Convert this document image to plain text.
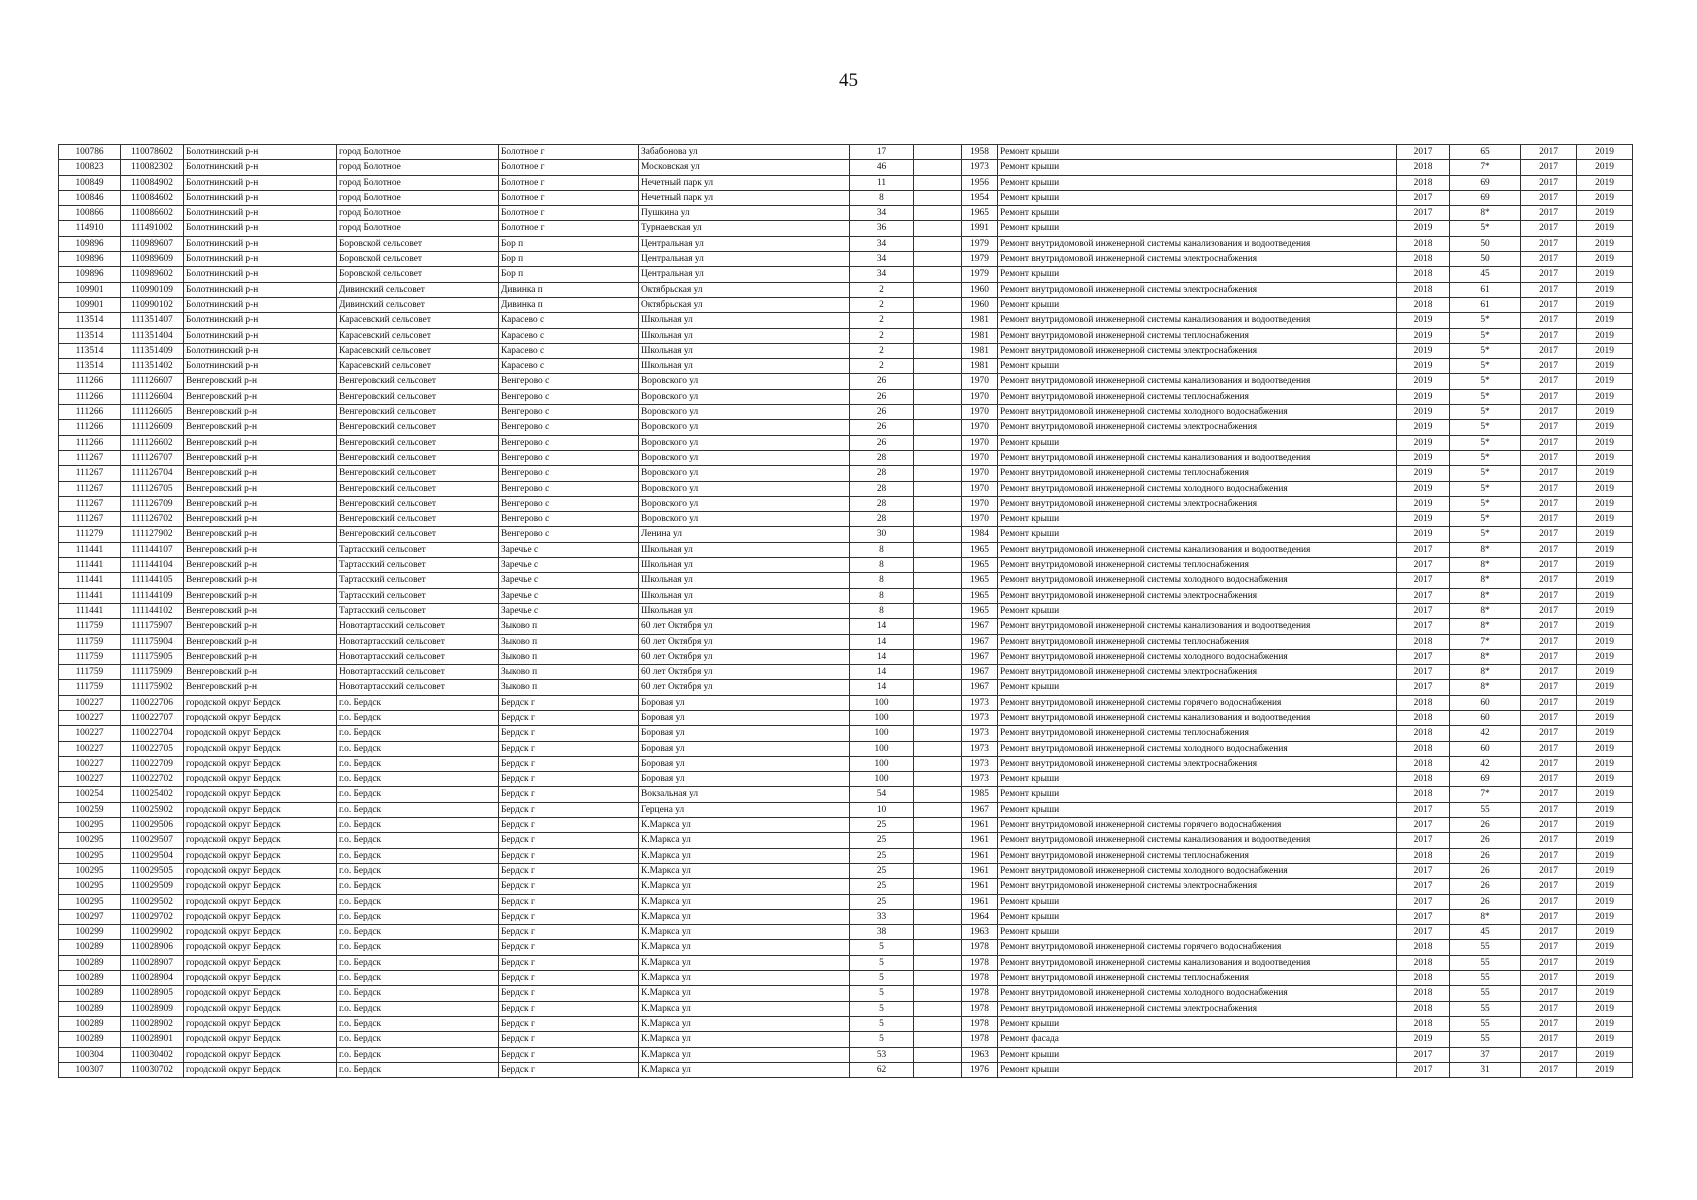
45
100786	110078602	Болотнинский р-н	город Болотное	Болотное г	Забабонова ул	17		1958	Ремонт крыши	2017	65	2017	2019
100823	110082302	Болотнинский р-н	город Болотное	Болотное г	Московская ул	46		1973	Ремонт крыши	2018	7*	2017	2019
100849	110084902	Болотнинский р-н	город Болотное	Болотное г	Нечетный парк ул	11		1956	Ремонт крыши	2018	69	2017	2019
100846	110084602	Болотнинский р-н	город Болотное	Болотное г	Нечетный парк ул	8		1954	Ремонт крыши	2017	69	2017	2019
100866	110086602	Болотнинский р-н	город Болотное	Болотное г	Пушкина ул	34		1965	Ремонт крыши	2017	8*	2017	2019
114910	111491002	Болотнинский р-н	город Болотное	Болотное г	Турнаевская ул	36		1991	Ремонт крыши	2019	5*	2017	2019
109896	110989607	Болотнинский р-н	Боровской сельсовет	Бор п	Центральная ул	34		1979	Ремонт внутридомовой инженерной системы канализования и водоотведения	2018	50	2017	2019
109896	110989609	Болотнинский р-н	Боровской сельсовет	Бор п	Центральная ул	34		1979	Ремонт внутридомовой инженерной системы электроснабжения	2018	50	2017	2019
109896	110989602	Болотнинский р-н	Боровской сельсовет	Бор п	Центральная ул	34		1979	Ремонт крыши	2018	45	2017	2019
109901	110990109	Болотнинский р-н	Дивинский сельсовет	Дивинка п	Октябрьская ул	2		1960	Ремонт внутридомовой инженерной системы электроснабжения	2018	61	2017	2019
109901	110990102	Болотнинский р-н	Дивинский сельсовет	Дивинка п	Октябрьская ул	2		1960	Ремонт крыши	2018	61	2017	2019
113514	111351407	Болотнинский р-н	Карасевский сельсовет	Карасево с	Школьная ул	2		1981	Ремонт внутридомовой инженерной системы канализования и водоотведения	2019	5*	2017	2019
113514	111351404	Болотнинский р-н	Карасевский сельсовет	Карасево с	Школьная ул	2		1981	Ремонт внутридомовой инженерной системы теплоснабжения	2019	5*	2017	2019
113514	111351409	Болотнинский р-н	Карасевский сельсовет	Карасево с	Школьная ул	2		1981	Ремонт внутридомовой инженерной системы электроснабжения	2019	5*	2017	2019
113514	111351402	Болотнинский р-н	Карасевский сельсовет	Карасево с	Школьная ул	2		1981	Ремонт крыши	2019	5*	2017	2019
111266	111126607	Венгеровский р-н	Венгеровский сельсовет	Венгерово с	Воровского ул	26		1970	Ремонт внутридомовой инженерной системы канализования и водоотведения	2019	5*	2017	2019
111266	111126604	Венгеровский р-н	Венгеровский сельсовет	Венгерово с	Воровского ул	26		1970	Ремонт внутридомовой инженерной системы теплоснабжения	2019	5*	2017	2019
111266	111126605	Венгеровский р-н	Венгеровский сельсовет	Венгерово с	Воровского ул	26		1970	Ремонт внутридомовой инженерной системы холодного водоснабжения	2019	5*	2017	2019
111266	111126609	Венгеровский р-н	Венгеровский сельсовет	Венгерово с	Воровского ул	26		1970	Ремонт внутридомовой инженерной системы электроснабжения	2019	5*	2017	2019
111266	111126602	Венгеровский р-н	Венгеровский сельсовет	Венгерово с	Воровского ул	26		1970	Ремонт крыши	2019	5*	2017	2019
111267	111126707	Венгеровский р-н	Венгеровский сельсовет	Венгерово с	Воровского ул	28		1970	Ремонт внутридомовой инженерной системы канализования и водоотведения	2019	5*	2017	2019
111267	111126704	Венгеровский р-н	Венгеровский сельсовет	Венгерово с	Воровского ул	28		1970	Ремонт внутридомовой инженерной системы теплоснабжения	2019	5*	2017	2019
111267	111126705	Венгеровский р-н	Венгеровский сельсовет	Венгерово с	Воровского ул	28		1970	Ремонт внутридомовой инженерной системы холодного водоснабжения	2019	5*	2017	2019
111267	111126709	Венгеровский р-н	Венгеровский сельсовет	Венгерово с	Воровского ул	28		1970	Ремонт внутридомовой инженерной системы электроснабжения	2019	5*	2017	2019
111267	111126702	Венгеровский р-н	Венгеровский сельсовет	Венгерово с	Воровского ул	28		1970	Ремонт крыши	2019	5*	2017	2019
111279	111127902	Венгеровский р-н	Венгеровский сельсовет	Венгерово с	Ленина ул	30		1984	Ремонт крыши	2019	5*	2017	2019
111441	111144107	Венгеровский р-н	Тартасский сельсовет	Заречье с	Школьная ул	8		1965	Ремонт внутридомовой инженерной системы канализования и водоотведения	2017	8*	2017	2019
111441	111144104	Венгеровский р-н	Тартасский сельсовет	Заречье с	Школьная ул	8		1965	Ремонт внутридомовой инженерной системы теплоснабжения	2017	8*	2017	2019
111441	111144105	Венгеровский р-н	Тартасский сельсовет	Заречье с	Школьная ул	8		1965	Ремонт внутридомовой инженерной системы холодного водоснабжения	2017	8*	2017	2019
111441	111144109	Венгеровский р-н	Тартасский сельсовет	Заречье с	Школьная ул	8		1965	Ремонт внутридомовой инженерной системы электроснабжения	2017	8*	2017	2019
111441	111144102	Венгеровский р-н	Тартасский сельсовет	Заречье с	Школьная ул	8		1965	Ремонт крыши	2017	8*	2017	2019
111759	111175907	Венгеровский р-н	Новотартасский сельсовет	Зыково п	60 лет Октября ул	14		1967	Ремонт внутридомовой инженерной системы канализования и водоотведения	2017	8*	2017	2019
111759	111175904	Венгеровский р-н	Новотартасский сельсовет	Зыково п	60 лет Октября ул	14		1967	Ремонт внутридомовой инженерной системы теплоснабжения	2018	7*	2017	2019
111759	111175905	Венгеровский р-н	Новотартасский сельсовет	Зыково п	60 лет Октября ул	14		1967	Ремонт внутридомовой инженерной системы холодного водоснабжения	2017	8*	2017	2019
111759	111175909	Венгеровский р-н	Новотартасский сельсовет	Зыково п	60 лет Октября ул	14		1967	Ремонт внутридомовой инженерной системы электроснабжения	2017	8*	2017	2019
111759	111175902	Венгеровский р-н	Новотартасский сельсовет	Зыково п	60 лет Октября ул	14		1967	Ремонт крыши	2017	8*	2017	2019
100227	110022706	городской округ Бердск	г.о. Бердск	Бердск г	Боровая ул	100		1973	Ремонт внутридомовой инженерной системы горячего водоснабжения	2018	60	2017	2019
100227	110022707	городской округ Бердск	г.о. Бердск	Бердск г	Боровая ул	100		1973	Ремонт внутридомовой инженерной системы канализования и водоотведения	2018	60	2017	2019
100227	110022704	городской округ Бердск	г.о. Бердск	Бердск г	Боровая ул	100		1973	Ремонт внутридомовой инженерной системы теплоснабжения	2018	42	2017	2019
100227	110022705	городской округ Бердск	г.о. Бердск	Бердск г	Боровая ул	100		1973	Ремонт внутридомовой инженерной системы холодного водоснабжения	2018	60	2017	2019
100227	110022709	городской округ Бердск	г.о. Бердск	Бердск г	Боровая ул	100		1973	Ремонт внутридомовой инженерной системы электроснабжения	2018	42	2017	2019
100227	110022702	городской округ Бердск	г.о. Бердск	Бердск г	Боровая ул	100		1973	Ремонт крыши	2018	69	2017	2019
100254	110025402	городской округ Бердск	г.о. Бердск	Бердск г	Вокзальная ул	54		1985	Ремонт крыши	2018	7*	2017	2019
100259	110025902	городской округ Бердск	г.о. Бердск	Бердск г	Герцена ул	10		1967	Ремонт крыши	2017	55	2017	2019
100295	110029506	городской округ Бердск	г.о. Бердск	Бердск г	К.Маркса ул	25		1961	Ремонт внутридомовой инженерной системы горячего водоснабжения	2017	26	2017	2019
100295	110029507	городской округ Бердск	г.о. Бердск	Бердск г	К.Маркса ул	25		1961	Ремонт внутридомовой инженерной системы канализования и водоотведения	2017	26	2017	2019
100295	110029504	городской округ Бердск	г.о. Бердск	Бердск г	К.Маркса ул	25		1961	Ремонт внутридомовой инженерной системы теплоснабжения	2018	26	2017	2019
100295	110029505	городской округ Бердск	г.о. Бердск	Бердск г	К.Маркса ул	25		1961	Ремонт внутридомовой инженерной системы холодного водоснабжения	2017	26	2017	2019
100295	110029509	городской округ Бердск	г.о. Бердск	Бердск г	К.Маркса ул	25		1961	Ремонт внутридомовой инженерной системы электроснабжения	2017	26	2017	2019
100295	110029502	городской округ Бердск	г.о. Бердск	Бердск г	К.Маркса ул	25		1961	Ремонт крыши	2017	26	2017	2019
100297	110029702	городской округ Бердск	г.о. Бердск	Бердск г	К.Маркса ул	33		1964	Ремонт крыши	2017	8*	2017	2019
100299	110029902	городской округ Бердск	г.о. Бердск	Бердск г	К.Маркса ул	38		1963	Ремонт крыши	2017	45	2017	2019
100289	110028906	городской округ Бердск	г.о. Бердск	Бердск г	К.Маркса ул	5		1978	Ремонт внутридомовой инженерной системы горячего водоснабжения	2018	55	2017	2019
100289	110028907	городской округ Бердск	г.о. Бердск	Бердск г	К.Маркса ул	5		1978	Ремонт внутридомовой инженерной системы канализования и водоотведения	2018	55	2017	2019
100289	110028904	городской округ Бердск	г.о. Бердск	Бердск г	К.Маркса ул	5		1978	Ремонт внутридомовой инженерной системы теплоснабжения	2018	55	2017	2019
100289	110028905	городской округ Бердск	г.о. Бердск	Бердск г	К.Маркса ул	5		1978	Ремонт внутридомовой инженерной системы холодного водоснабжения	2018	55	2017	2019
100289	110028909	городской округ Бердск	г.о. Бердск	Бердск г	К.Маркса ул	5		1978	Ремонт внутридомовой инженерной системы электроснабжения	2018	55	2017	2019
100289	110028902	городской округ Бердск	г.о. Бердск	Бердск г	К.Маркса ул	5		1978	Ремонт крыши	2018	55	2017	2019
100289	110028901	городской округ Бердск	г.о. Бердск	Бердск г	К.Маркса ул	5		1978	Ремонт фасада	2019	55	2017	2019
100304	110030402	городской округ Бердск	г.о. Бердск	Бердск г	К.Маркса ул	53		1963	Ремонт крыши	2017	37	2017	2019
100307	110030702	городской округ Бердск	г.о. Бердск	Бердск г	К.Маркса ул	62		1976	Ремонт крыши	2017	31	2017	2019
